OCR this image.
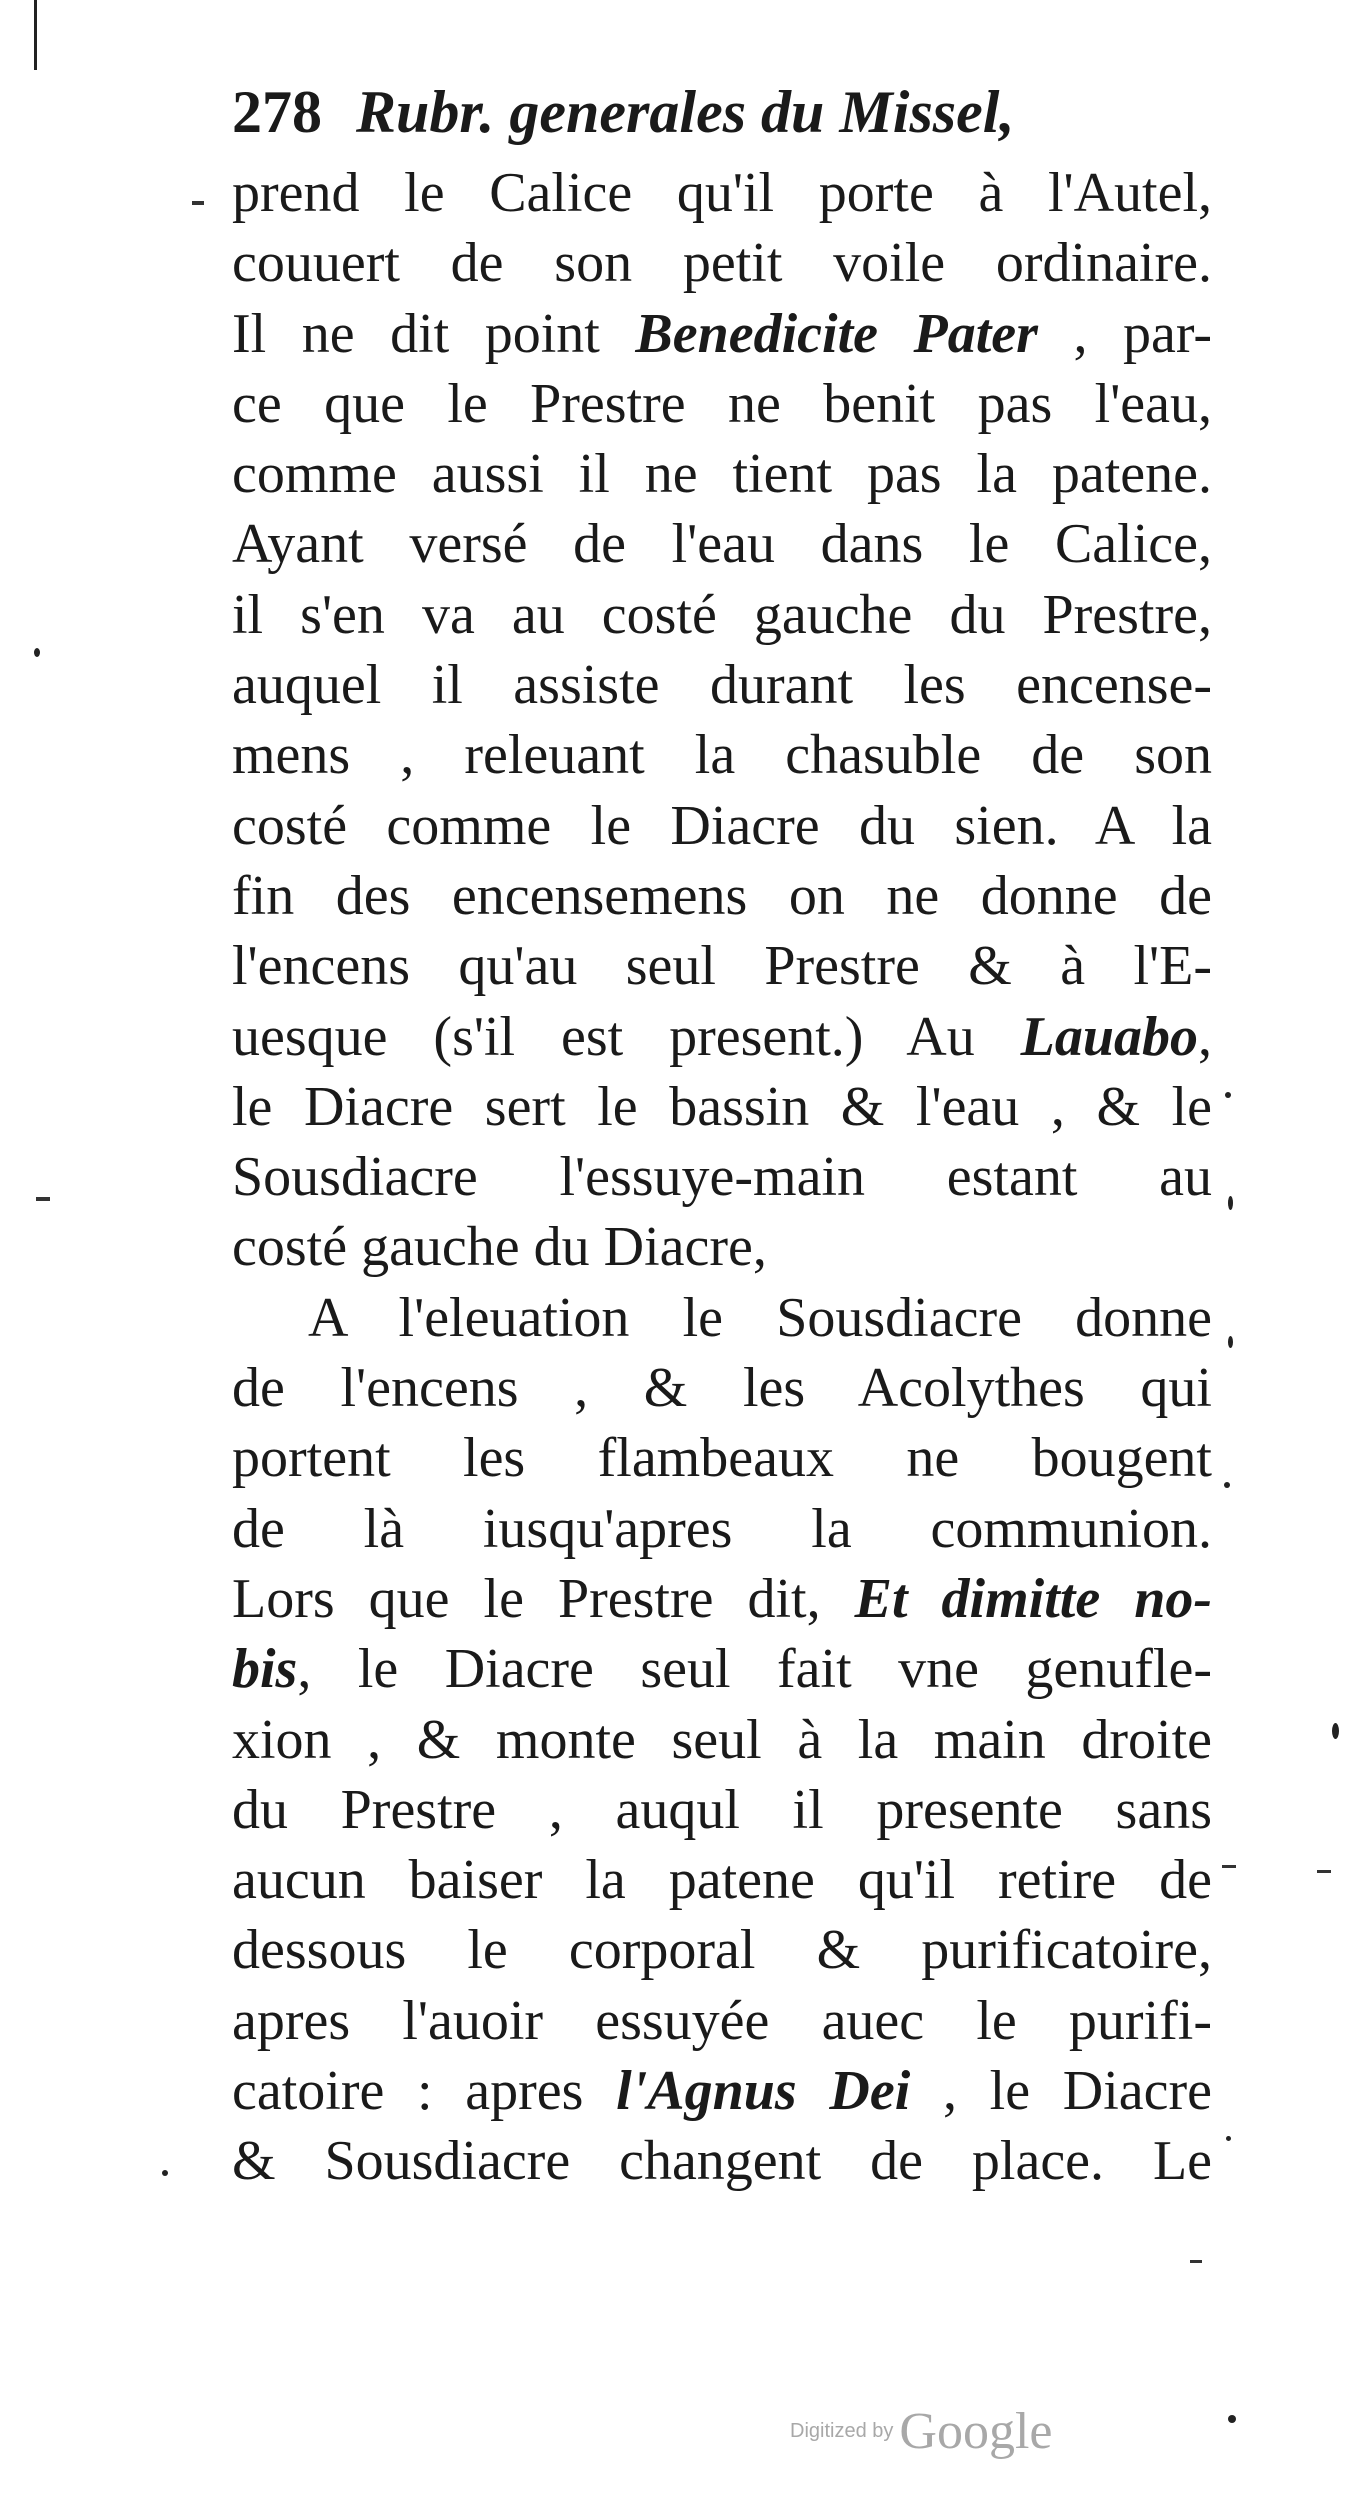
278 Rubr. generales du Missel,
prend le Calice qu'il porte à l'Autel,
couuert de son petit voile ordinaire.
Il ne dit point Benedicite Pater , par-
ce que le Prestre ne benit pas l'eau,
comme aussi il ne tient pas la patene.
Ayant versé de l'eau dans le Calice,
il s'en va au costé gauche du Prestre,
auquel il assiste durant les encense-
mens , releuant la chasuble de son
costé comme le Diacre du sien. A la
fin des encensemens on ne donne de
l'encens qu'au seul Prestre & à l'E-
uesque (s'il est present.) Au Lauabo,
le Diacre sert le bassin & l'eau , & le
Sousdiacre l'essuye-main estant au
costé gauche du Diacre,
A l'eleuation le Sousdiacre donne
de l'encens , & les Acolythes qui
portent les flambeaux ne bougent
de là iusqu'apres la communion.
Lors que le Prestre dit, Et dimitte no-
bis, le Diacre seul fait vne genufle-
xion , & monte seul à la main droite
du Prestre , auqul il presente sans
aucun baiser la patene qu'il retire de
dessous le corporal & purificatoire,
apres l'auoir essuyée auec le purifi-
catoire : apres l'Agnus Dei , le Diacre
& Sousdiacre changent de place. Le
Digitized by Google
